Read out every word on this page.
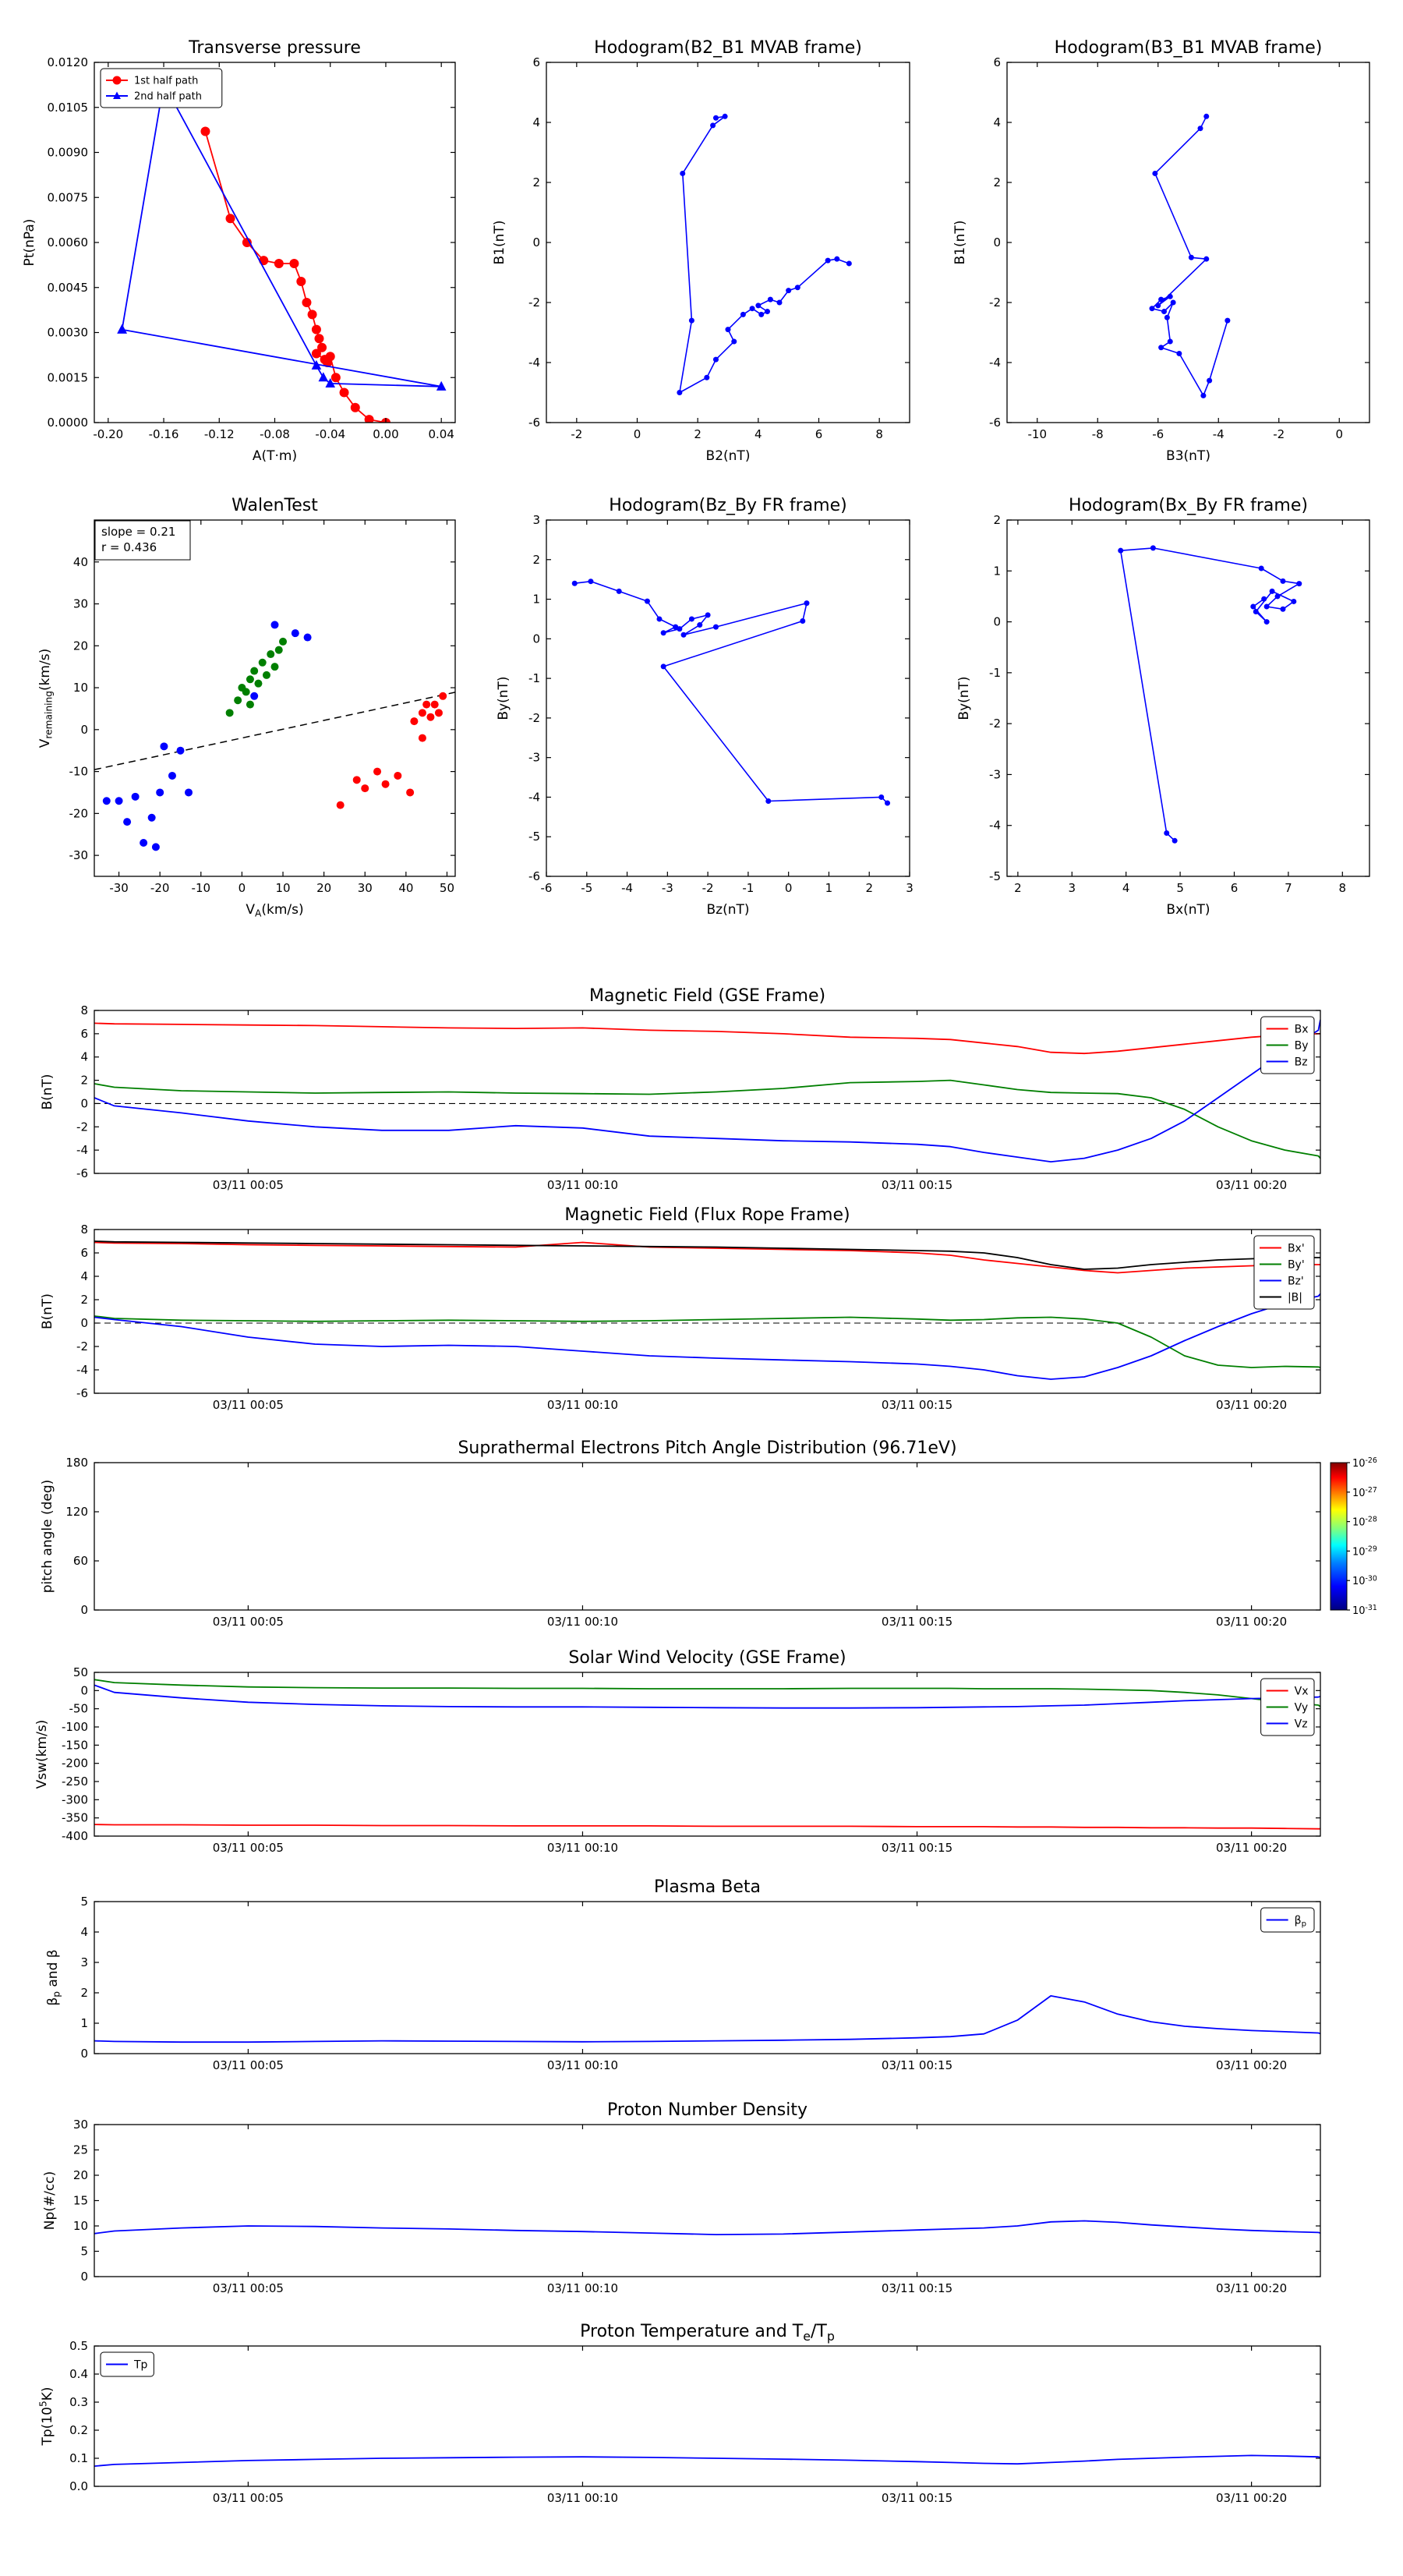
-0.20 -0.16 -0.12 -0.08 -0.04 0.00	0.04
0.0000
0.0015
0.0030
0.0045
0.0060
0.0075
0.0090
0.0105
0.0120
Transverse pressure
A(T·m)
Pt(nPa)
1st half path
2nd half path
-2	0	2	4	6	8
-6
-4
-2
0
2
4
6
Hodogram(B2_B1 MVAB frame)
B2(nT)
B1(nT)
-10	-8	-6	-4	-2	0
-6
-4
-2
0
2
4
6
Hodogram(B3_B1 MVAB frame)
B3(nT)
B1(nT)
-30 -20 -10 0	10 20 30 40 50
-30
-20
-10
0
10
20
30
40
WalenTest
$V_A(km/s)$
$V_{remaining}(km/s)$
slope = 0.21
r = 0.436
-6 -5 -4 -3 -2 -1	0	1	2	3
-6
-5
-4
-3
-2
-1
0
1
2
3
Hodogram(Bz_By FR frame)
Bz(nT)
By(nT)
2	3	4	5	6	7	8
-5
-4
-3
-2
-1
0
1
2
Hodogram(Bx_By FR frame)
Bx(nT)
By(nT)
03/11 00:05	03/11 00:10	03/11 00:15	03/11 00:20
-6
-4
-2
0
2
4
6
8
Magnetic Field (GSE Frame)
B(nT)
Bx
By
Bz
03/11 00:05	03/11 00:10	03/11 00:15	03/11 00:20
-6
-4
-2
0
2
4
6
8
Magnetic Field (Flux Rope Frame)
B(nT)
Bx'
By'
Bz'
|B|
03/11 00:05	03/11 00:10	03/11 00:15	03/11 00:20
0
60
120
180
Suprathermal Electrons Pitch Angle Distribution (96.71eV)
pitch angle (deg)
$10^{-26}$
$10^{-27}$
$10^{-28}$
$10^{-29}$
$10^{-30}$
$10^{-31}$
03/11 00:05	03/11 00:10	03/11 00:15	03/11 00:20
50
0
-50
-100
-150
-200
-250
-300
-350
-400
Solar Wind Velocity (GSE Frame)
Vsw(km/s)
Vx
Vy
Vz
03/11 00:05	03/11 00:10	03/11 00:15	03/11 00:20
0
1
2
3
4
5
Plasma Beta
$\beta_p$ and β
$\beta_p$
03/11 00:05	03/11 00:10	03/11 00:15	03/11 00:20
0
5
10
15
20
25
30
Proton Number Density
Np(#/cc)
03/11 00:05	03/11 00:10	03/11 00:15	03/11 00:20
0.0
0.1
0.2
0.3
0.4
0.5
Proton Temperature and $T_e/T_p$
$Tp(10^5K)$
Tp
